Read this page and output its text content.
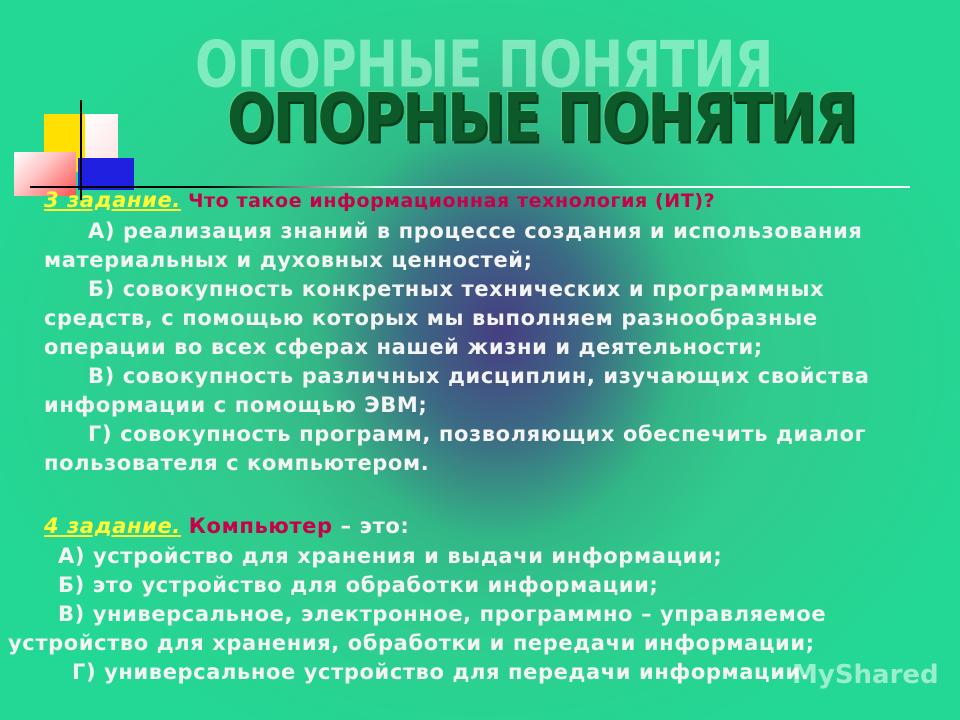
ОПОРНЫЕ ПОНЯТИЯ
ОПОРНЫЕ ПОНЯТИЯ
3 задание. Что такое информационная технология (ИТ)?
А) реализация знаний в процессе создания и использования
материальных и духовных ценностей;
Б) совокупность конкретных технических и программных
средств, с помощью которых мы выполняем разнообразные
операции во всех сферах нашей жизни и деятельности;
В) совокупность различных дисциплин, изучающих свойства
информации с помощью ЭВМ;
Г) совокупность программ, позволяющих обеспечить диалог
пользователя с компьютером.
4 задание. Компьютер – это:
А) устройство для хранения и выдачи информации;
Б) это устройство для обработки информации;
В) универсальное, электронное, программно – управляемое
устройство для хранения, обработки и передачи информации;
Г) универсальное устройство для передачи информации.
MyShared
